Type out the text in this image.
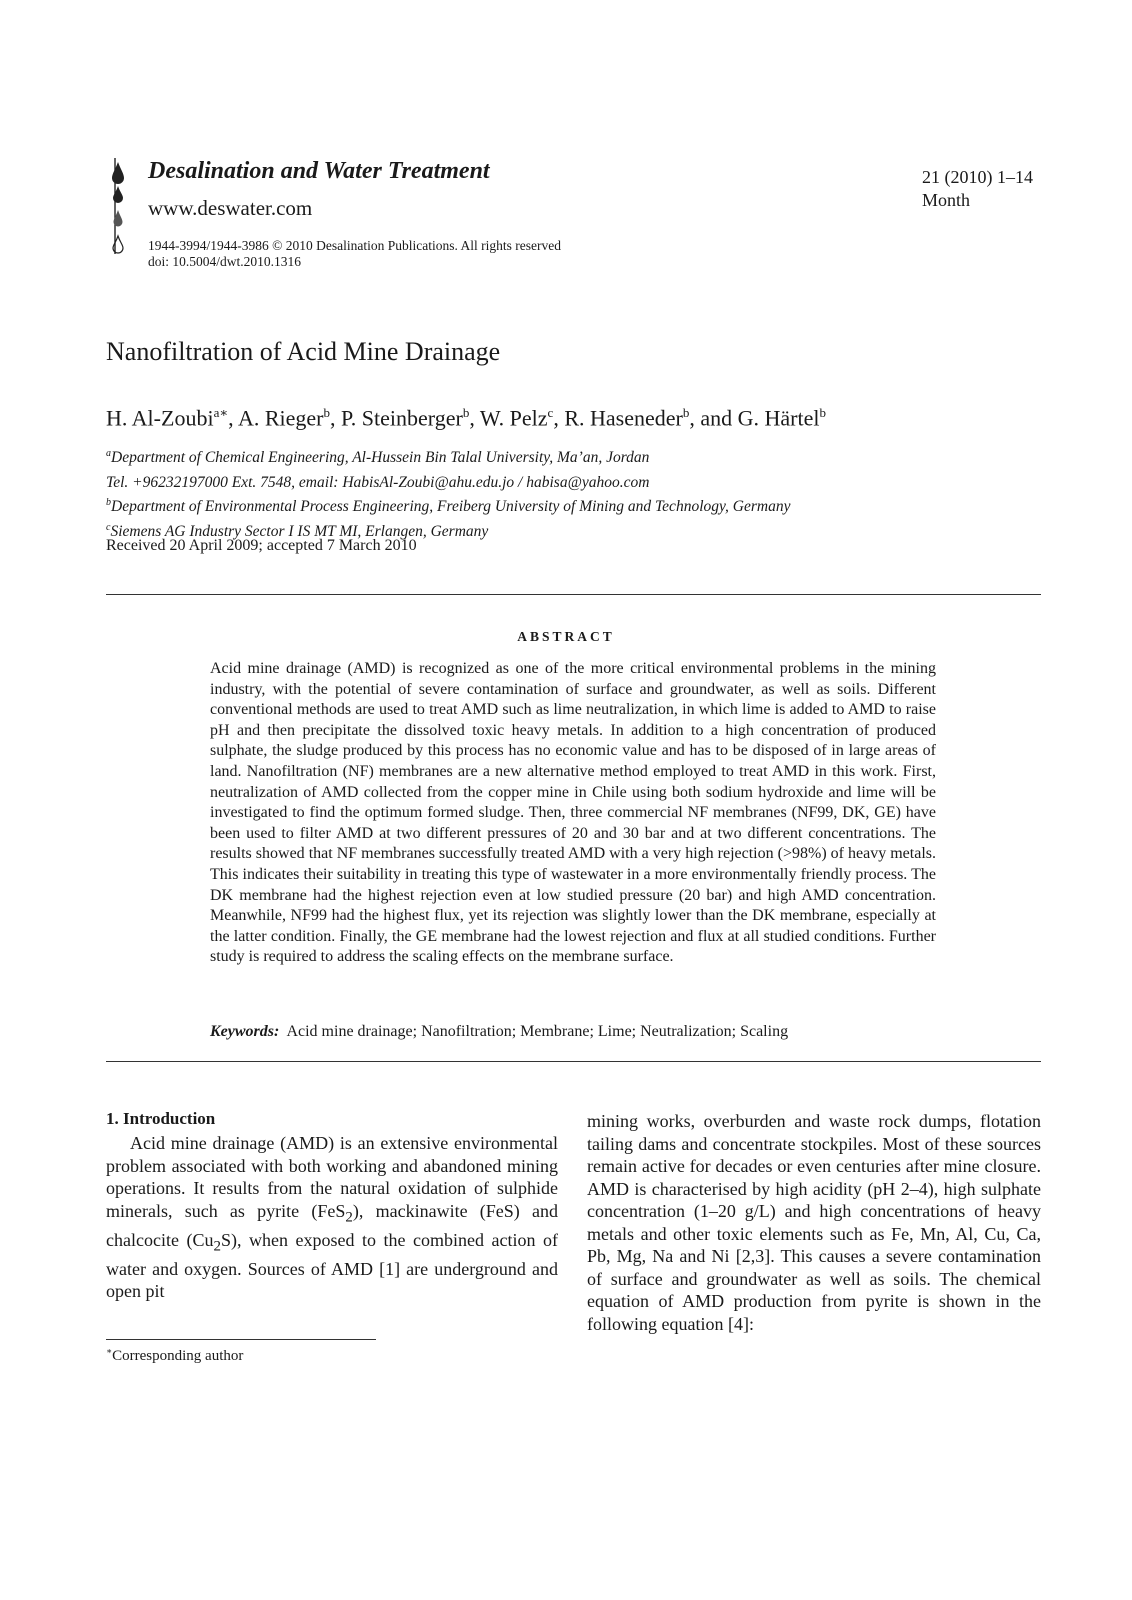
Desalination and Water Treatment
www.deswater.com
1944-3994/1944-3986 © 2010 Desalination Publications. All rights reserved
doi: 10.5004/dwt.2010.1316
21 (2010) 1–14
Month
Nanofiltration of Acid Mine Drainage
H. Al-Zoubi$^{a∗}$, A. Rieger$^b$, P. Steinberger$^b$, W. Pelz$^c$, R. Haseneder$^b$, and G. Härtel$^b$
$^a$Department of Chemical Engineering, Al-Hussein Bin Talal University, Ma’an, Jordan
Tel. +96232197000 Ext. 7548, email: HabisAl-Zoubi@ahu.edu.jo / habisa@yahoo.com
$^b$Department of Environmental Process Engineering, Freiberg University of Mining and Technology, Germany
$^c$Siemens AG Industry Sector I IS MT MI, Erlangen, Germany
Received 20 April 2009; accepted 7 March 2010
ABSTRACT
Acid mine drainage (AMD) is recognized as one of the more critical environmental problems in the mining industry, with the potential of severe contamination of surface and groundwater, as well as soils. Different conventional methods are used to treat AMD such as lime neutralization, in which lime is added to AMD to raise pH and then precipitate the dissolved toxic heavy metals. In addition to a high concentration of produced sulphate, the sludge produced by this process has no economic value and has to be disposed of in large areas of land. Nanofiltration (NF) membranes are a new alternative method employed to treat AMD in this work. First, neutralization of AMD collected from the copper mine in Chile using both sodium hydroxide and lime will be investigated to find the optimum formed sludge. Then, three commercial NF membranes (NF99, DK, GE) have been used to filter AMD at two different pressures of 20 and 30 bar and at two different concentrations. The results showed that NF membranes successfully treated AMD with a very high rejection (>98%) of heavy metals. This indicates their suitability in treating this type of wastewater in a more environmentally friendly process. The DK membrane had the highest rejection even at low studied pressure (20 bar) and high AMD concentration. Meanwhile, NF99 had the highest flux, yet its rejection was slightly lower than the DK membrane, especially at the latter condition. Finally, the GE membrane had the lowest rejection and flux at all studied conditions. Further study is required to address the scaling effects on the membrane surface.
Keywords: Acid mine drainage; Nanofiltration; Membrane; Lime; Neutralization; Scaling
1. Introduction
Acid mine drainage (AMD) is an extensive environmental problem associated with both working and abandoned mining operations. It results from the natural oxidation of sulphide minerals, such as pyrite (FeS$_2$), mackinawite (FeS) and chalcocite $(Cu_2S)$, when exposed to the combined action of water and oxygen. Sources of AMD [1] are underground and open pit
∗Corresponding author
mining works, overburden and waste rock dumps, flotation tailing dams and concentrate stockpiles. Most of these sources remain active for decades or even centuries after mine closure. AMD is characterised by high acidity (pH 2–4), high sulphate concentration (1–20 g/L) and high concentrations of heavy metals and other toxic elements such as Fe, Mn, Al, Cu, Ca, Pb, Mg, Na and Ni [2,3]. This causes a severe contamination of surface and groundwater as well as soils. The chemical equation of AMD production from pyrite is shown in the following equation [4]:
